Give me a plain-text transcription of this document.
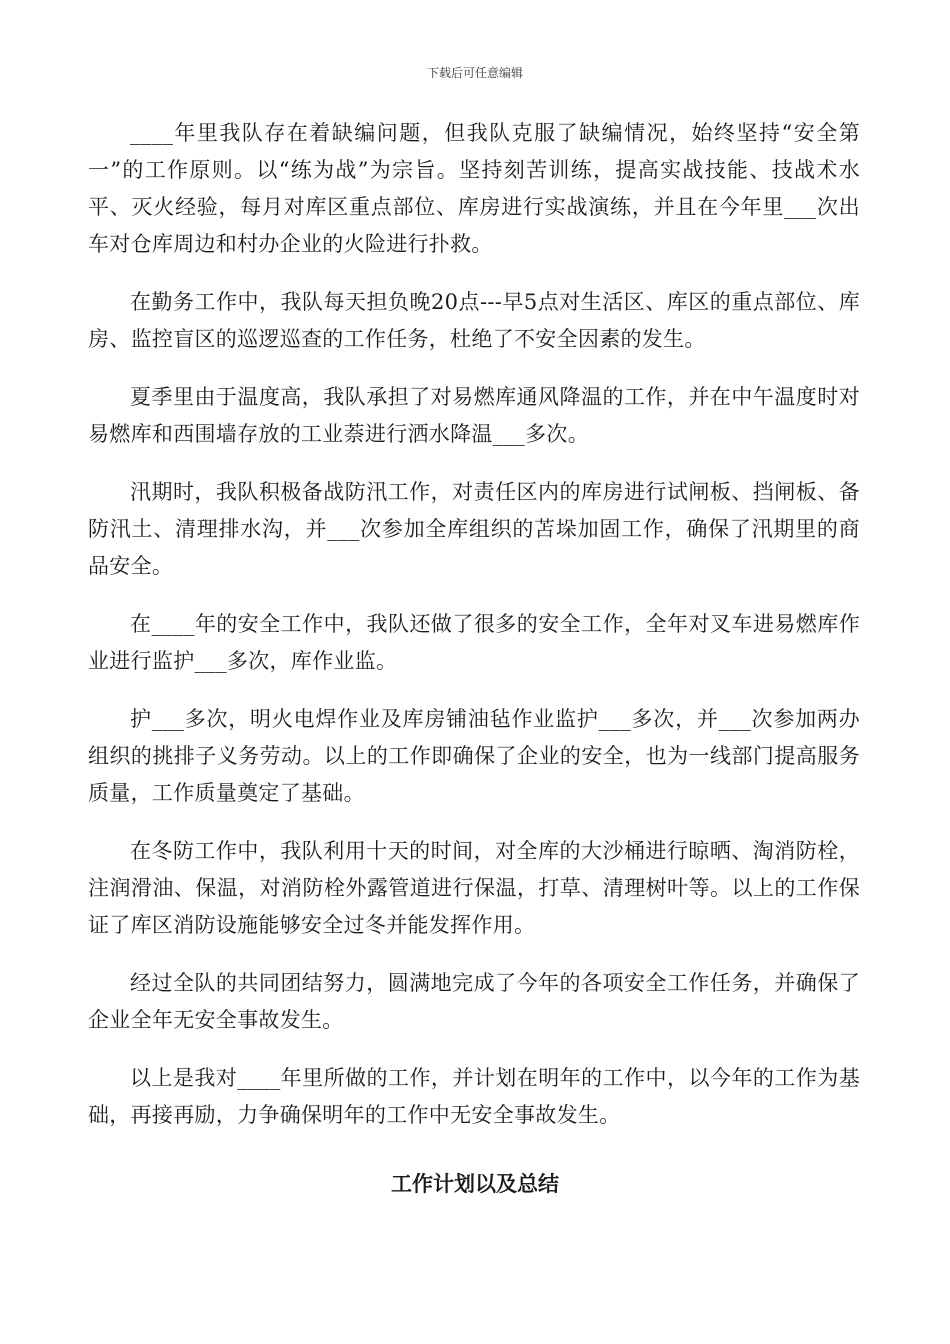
下载后可任意编辑

____年里我队存在着缺编问题，但我队克服了缺编情况，始终坚持“安全第一”的工作原则。以“练为战”为宗旨。坚持刻苦训练，提高实战技能、技战术水平、灭火经验，每月对库区重点部位、库房进行实战演练，并且在今年里___次出车对仓库周边和村办企业的火险进行扑救。

在勤务工作中，我队每天担负晚20点---早5点对生活区、库区的重点部位、库房、监控盲区的巡逻巡查的工作任务，杜绝了不安全因素的发生。

夏季里由于温度高，我队承担了对易燃库通风降温的工作，并在中午温度时对易燃库和西围墙存放的工业萘进行洒水降温___多次。

汛期时，我队积极备战防汛工作，对责任区内的库房进行试闸板、挡闸板、备防汛土、清理排水沟，并___次参加全库组织的苫垛加固工作，确保了汛期里的商品安全。

在____年的安全工作中，我队还做了很多的安全工作，全年对叉车进易燃库作业进行监护___多次，库作业监。

护___多次，明火电焊作业及库房铺油毡作业监护___多次，并___次参加两办组织的挑排子义务劳动。以上的工作即确保了企业的安全，也为一线部门提高服务质量，工作质量奠定了基础。

在冬防工作中，我队利用十天的时间，对全库的大沙桶进行晾晒、淘消防栓，注润滑油、保温，对消防栓外露管道进行保温，打草、清理树叶等。以上的工作保证了库区消防设施能够安全过冬并能发挥作用。

经过全队的共同团结努力，圆满地完成了今年的各项安全工作任务，并确保了企业全年无安全事故发生。

以上是我对____年里所做的工作，并计划在明年的工作中，以今年的工作为基础，再接再励，力争确保明年的工作中无安全事故发生。

工作计划以及总结
